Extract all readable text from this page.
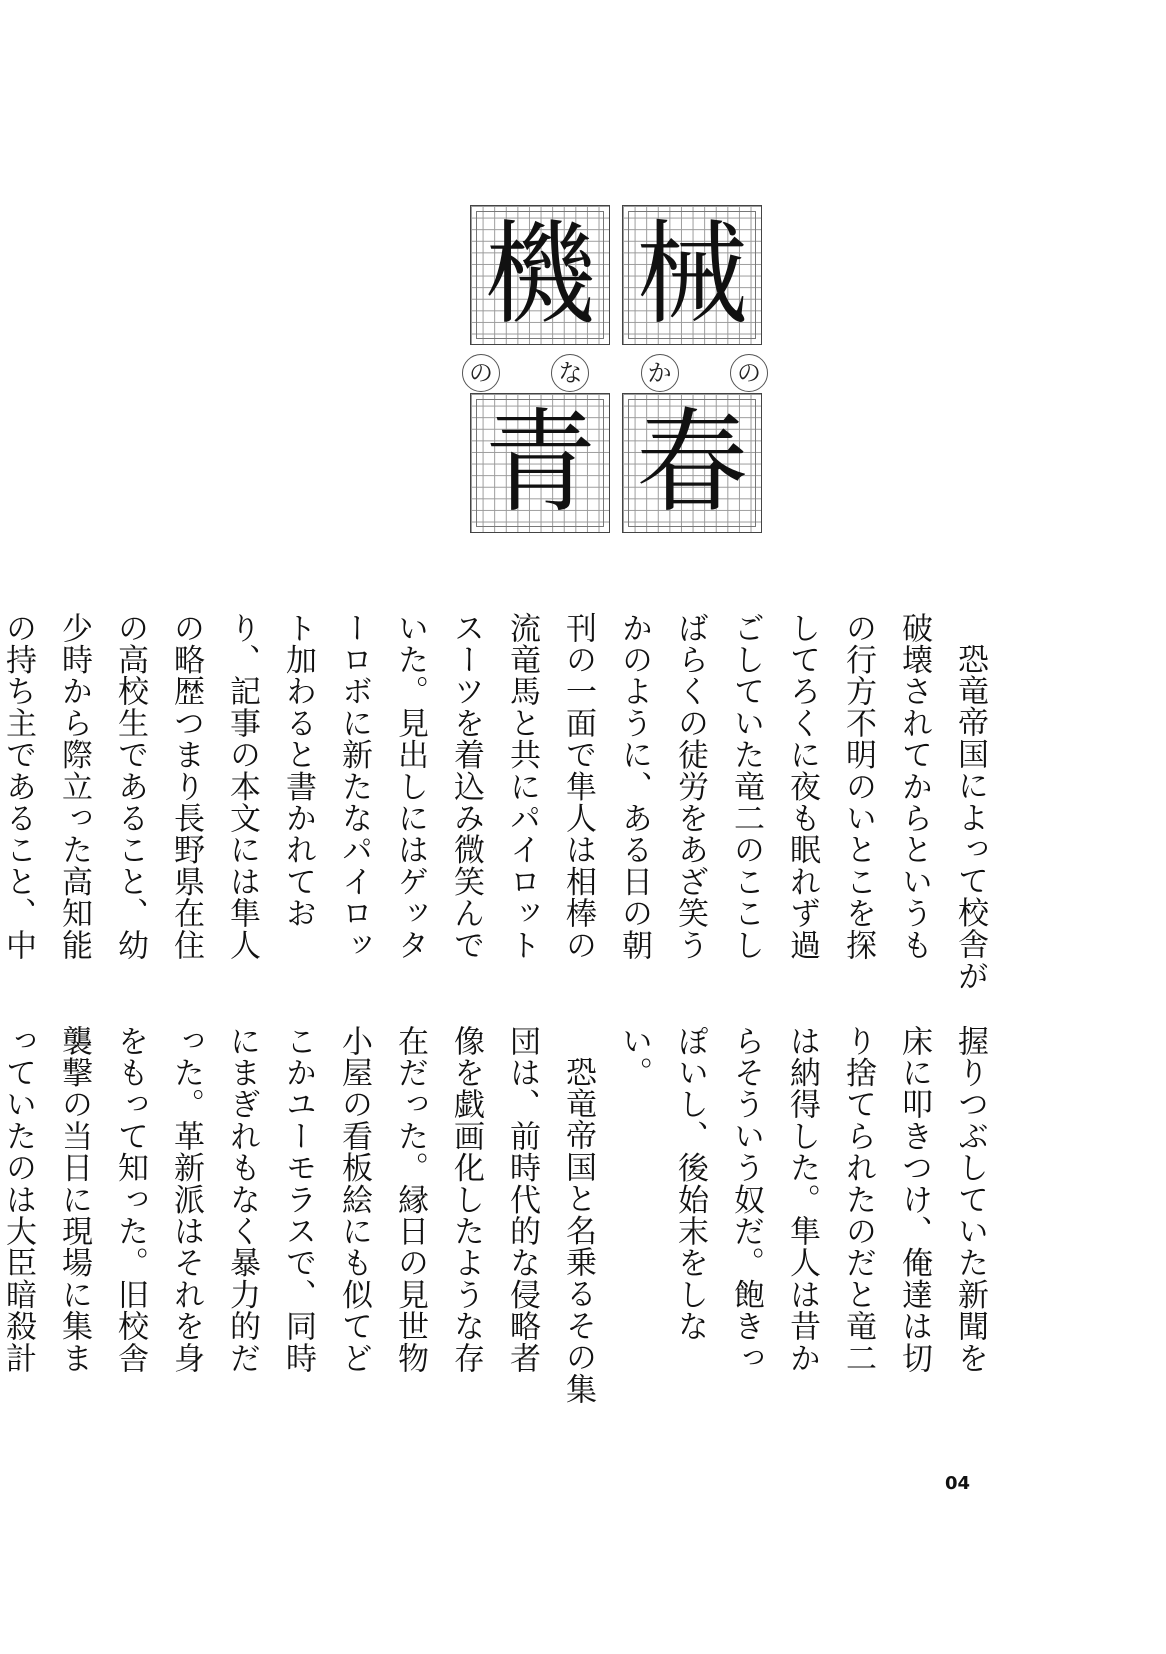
機 械
の	な	か	の
青 春

恐竜帝国によって校舎が破壊されてからというもの行方不明のいとこを探してろくに夜も眠れず過ごしていた竜二のここしばらくの徒労をあざ笑うかのように、ある日の朝刊の一面で隼人は相棒の流竜馬と共にパイロットスーツを着込み微笑んでいた。見出しにはゲッターロボに新たなパイロット加わると書かれており、記事の本文には隼人の略歴つまり長野県在住の高校生であること、幼少時から際立った高知能の持ち主であること、中

握りつぶしていた新聞を床に叩きつけ、俺達は切り捨てられたのだと竜二は納得した。隼人は昔からそういう奴だ。飽きっぽいし、後始末をしない。

恐竜帝国と名乗るその集団は、前時代的な侵略者像を戯画化したような存在だった。縁日の見世物小屋の看板絵にも似てどこかユーモラスで、同時にまぎれもなく暴力的だった。革新派はそれを身をもって知った。旧校舎襲撃の当日に現場に集まっていたのは大臣暗殺計

04
